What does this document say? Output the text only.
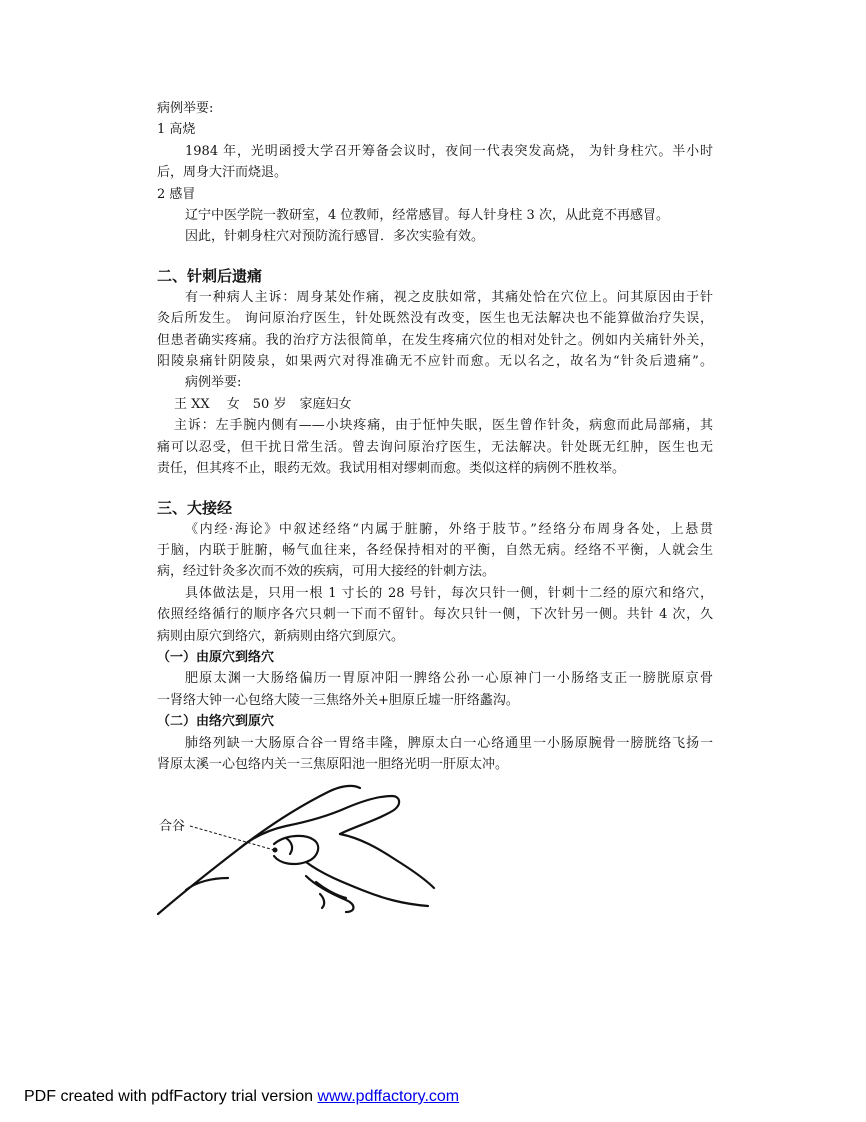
病例举要:
1 高烧
1984 年，光明函授大学召开筹备会议时，夜间一代表突发高烧， 为针身柱穴。半小时
后，周身大汗而烧退。
2 感冒
辽宁中医学院一教研室，4 位教师，经常感冒。每人针身柱 3 次，从此竟不再感冒。
因此，针刺身柱穴对预防流行感冒．多次实验有效。
二、针刺后遗痛
有一种病人主诉：周身某处作痛，视之皮肤如常，其痛处恰在穴位上。问其原因由于针
灸后所发生。 询问原治疗医生，针处既然没有改变，医生也无法解决也不能算做治疗失误，
但患者确实疼痛。我的治疗方法很简单，在发生疼痛穴位的相对处针之。例如内关痛针外关，
阳陵泉痛针阴陵泉，如果两穴对得准确无不应针而愈。无以名之，故名为“针灸后遗痛”。
病例举要:
王 XX　 女　50 岁　家庭妇女
主诉：左手腕内侧有——小块疼痛，由于怔忡失眠，医生曾作针灸，病愈而此局部痛，其
痛可以忍受，但干扰日常生活。曾去询问原治疗医生，无法解决。针处既无红肿，医生也无
责任，但其疼不止，眼药无效。我试用相对缪刺而愈。类似这样的病例不胜枚举。
三、大接经
《内经·海论》中叙述经络“内属于脏腑，外络于肢节。”经络分布周身各处，上悬贯
于脑，内联于脏腑，畅气血往来，各经保持相对的平衡，自然无病。经络不平衡，人就会生
病，经过针灸多次而不效的疾病，可用大接经的针刺方法。
具体做法是，只用一根 1 寸长的 28 号针，每次只针一侧，针刺十二经的原穴和络穴，
依照经络循行的顺序各穴只刺一下而不留针。每次只针一侧，下次针另一侧。共针 4 次，久
病则由原穴到络穴，新病则由络穴到原穴。
（一）由原穴到络穴
肥原太渊一大肠络偏历一胃原冲阳一脾络公孙一心原神门一小肠络支正一膀胱原京骨
一肾络大钟一心包络大陵一三焦络外关+胆原丘墟一肝络蠡沟。
（二）由络穴到原穴
肺络列缺一大肠原合谷一胃络丰隆，脾原太白一心络通里一小肠原腕骨一膀胱络飞扬一
肾原太溪一心包络内关一三焦原阳池一胆络光明一肝原太冲。
合谷
PDF created with pdfFactory trial version www.pdffactory.com
